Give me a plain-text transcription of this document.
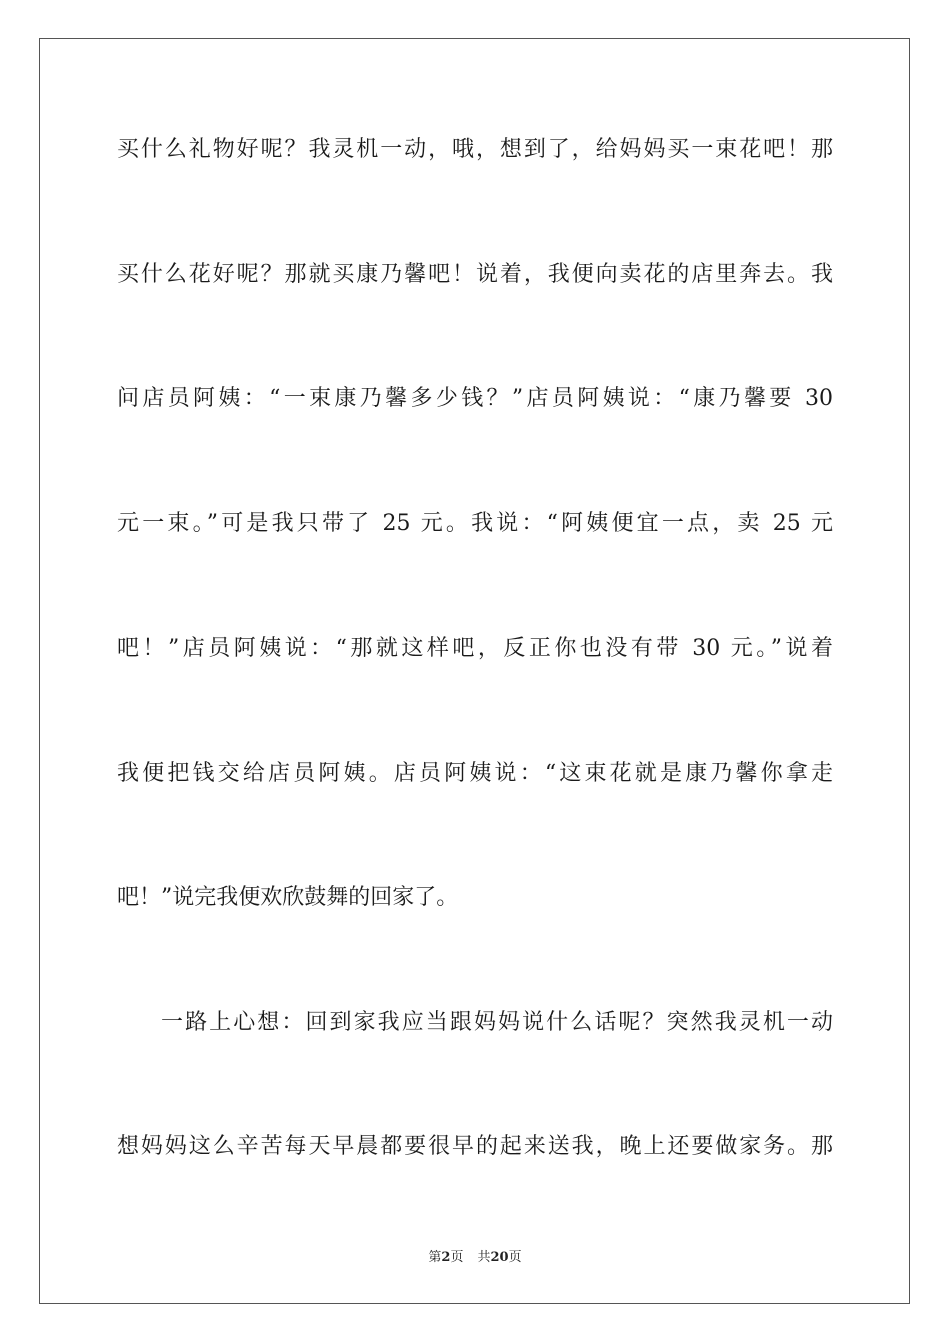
买什么礼物好呢？我灵机一动，哦，想到了，给妈妈买一束花吧！那
买什么花好呢？那就买康乃馨吧！说着，我便向卖花的店里奔去。我
问店员阿姨：“一束康乃馨多少钱？”店员阿姨说：“康乃馨要 30
元一束。”可是我只带了 25 元。我说：“阿姨便宜一点，卖 25 元
吧！”店员阿姨说：“那就这样吧，反正你也没有带 30 元。”说着
我便把钱交给店员阿姨。店员阿姨说：“这束花就是康乃馨你拿走
吧！”说完我便欢欣鼓舞的回家了。
一路上心想：回到家我应当跟妈妈说什么话呢？突然我灵机一动
想妈妈这么辛苦每天早晨都要很早的起来送我，晚上还要做家务。那
第2页 共20页
